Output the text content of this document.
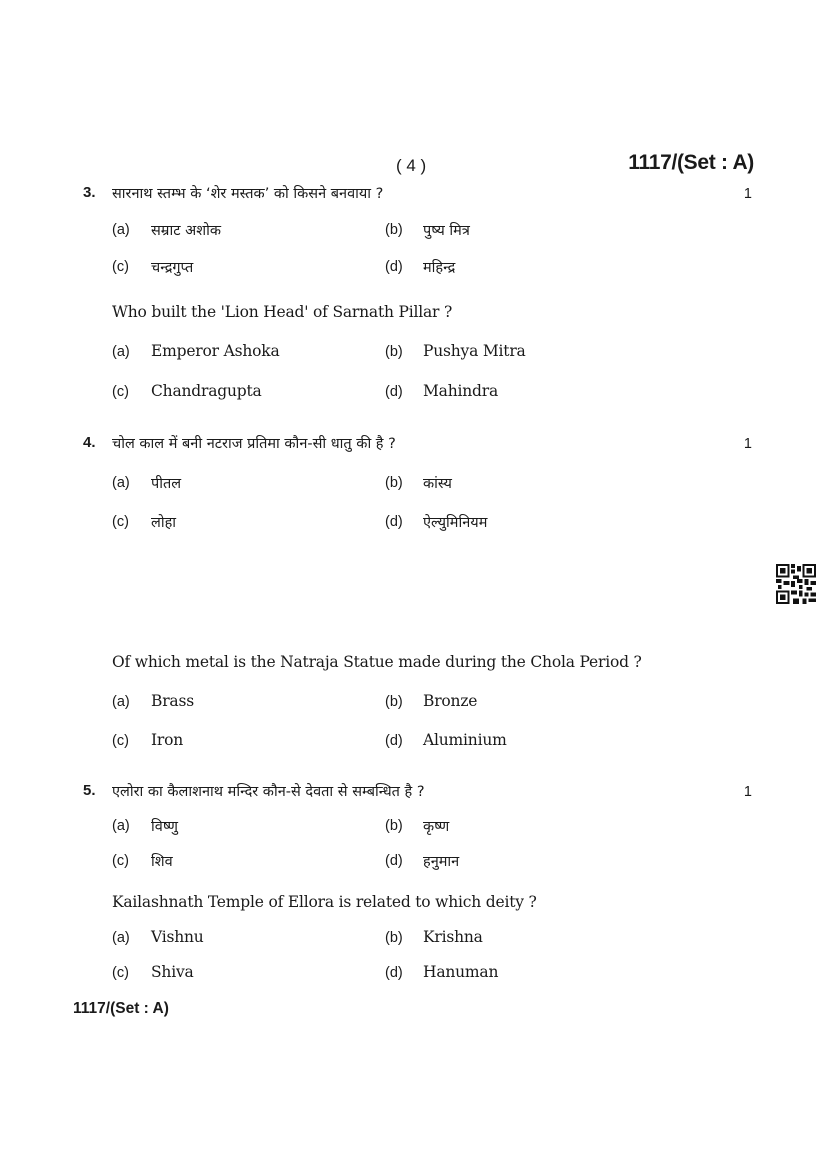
( 4 )	1117/(Set : A)
3. सारनाथ स्तम्भ के ‘शेर मस्तक’ को किसने बनवाया ?	1
(a) सम्राट अशोक	(b) पुष्य मित्र
(c) चन्द्रगुप्त	(d) महिन्द्र
Who built the 'Lion Head' of Sarnath Pillar ?
(a) Emperor Ashoka	(b) Pushya Mitra
(c) Chandragupta	(d) Mahindra
4. चोल काल में बनी नटराज प्रतिमा कौन-सी धातु की है ?	1
(a) पीतल	(b) कांस्य
(c) लोहा	(d) ऐल्युमिनियम
Of which metal is the Natraja Statue made during the Chola Period ?
(a) Brass	(b) Bronze
(c) Iron	(d) Aluminium
5. एलोरा का कैलाशनाथ मन्दिर कौन-से देवता से सम्बन्धित है ?	1
(a) विष्णु	(b) कृष्ण
(c) शिव	(d) हनुमान
Kailashnath Temple of Ellora is related to which deity ?
(a) Vishnu	(b) Krishna
(c) Shiva	(d) Hanuman
1117/(Set : A)
